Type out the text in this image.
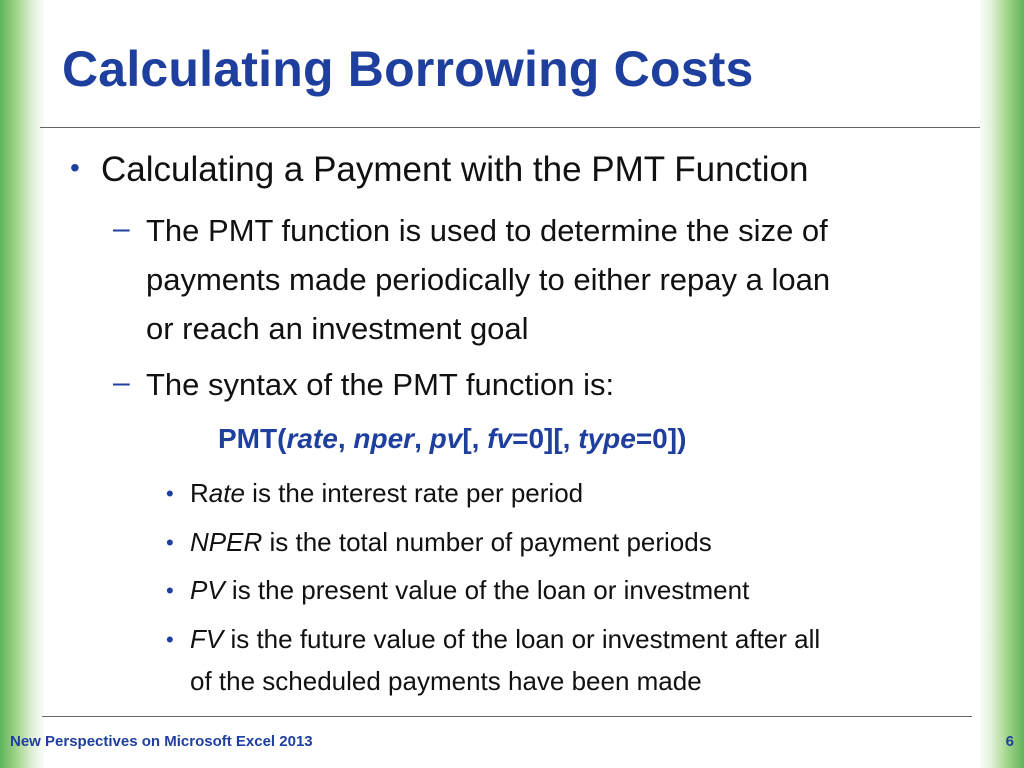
Calculating Borrowing Costs
• Calculating a Payment with the PMT Function
– The PMT function is used to determine the size of
payments made periodically to either repay a loan
or reach an investment goal
– The syntax of the PMT function is:
PMT(rate, nper, pv[, fv=0][, type=0])
• Rate is the interest rate per period
• NPER is the total number of payment periods
• PV is the present value of the loan or investment
• FV is the future value of the loan or investment after all
of the scheduled payments have been made
New Perspectives on Microsoft Excel 2013	6
